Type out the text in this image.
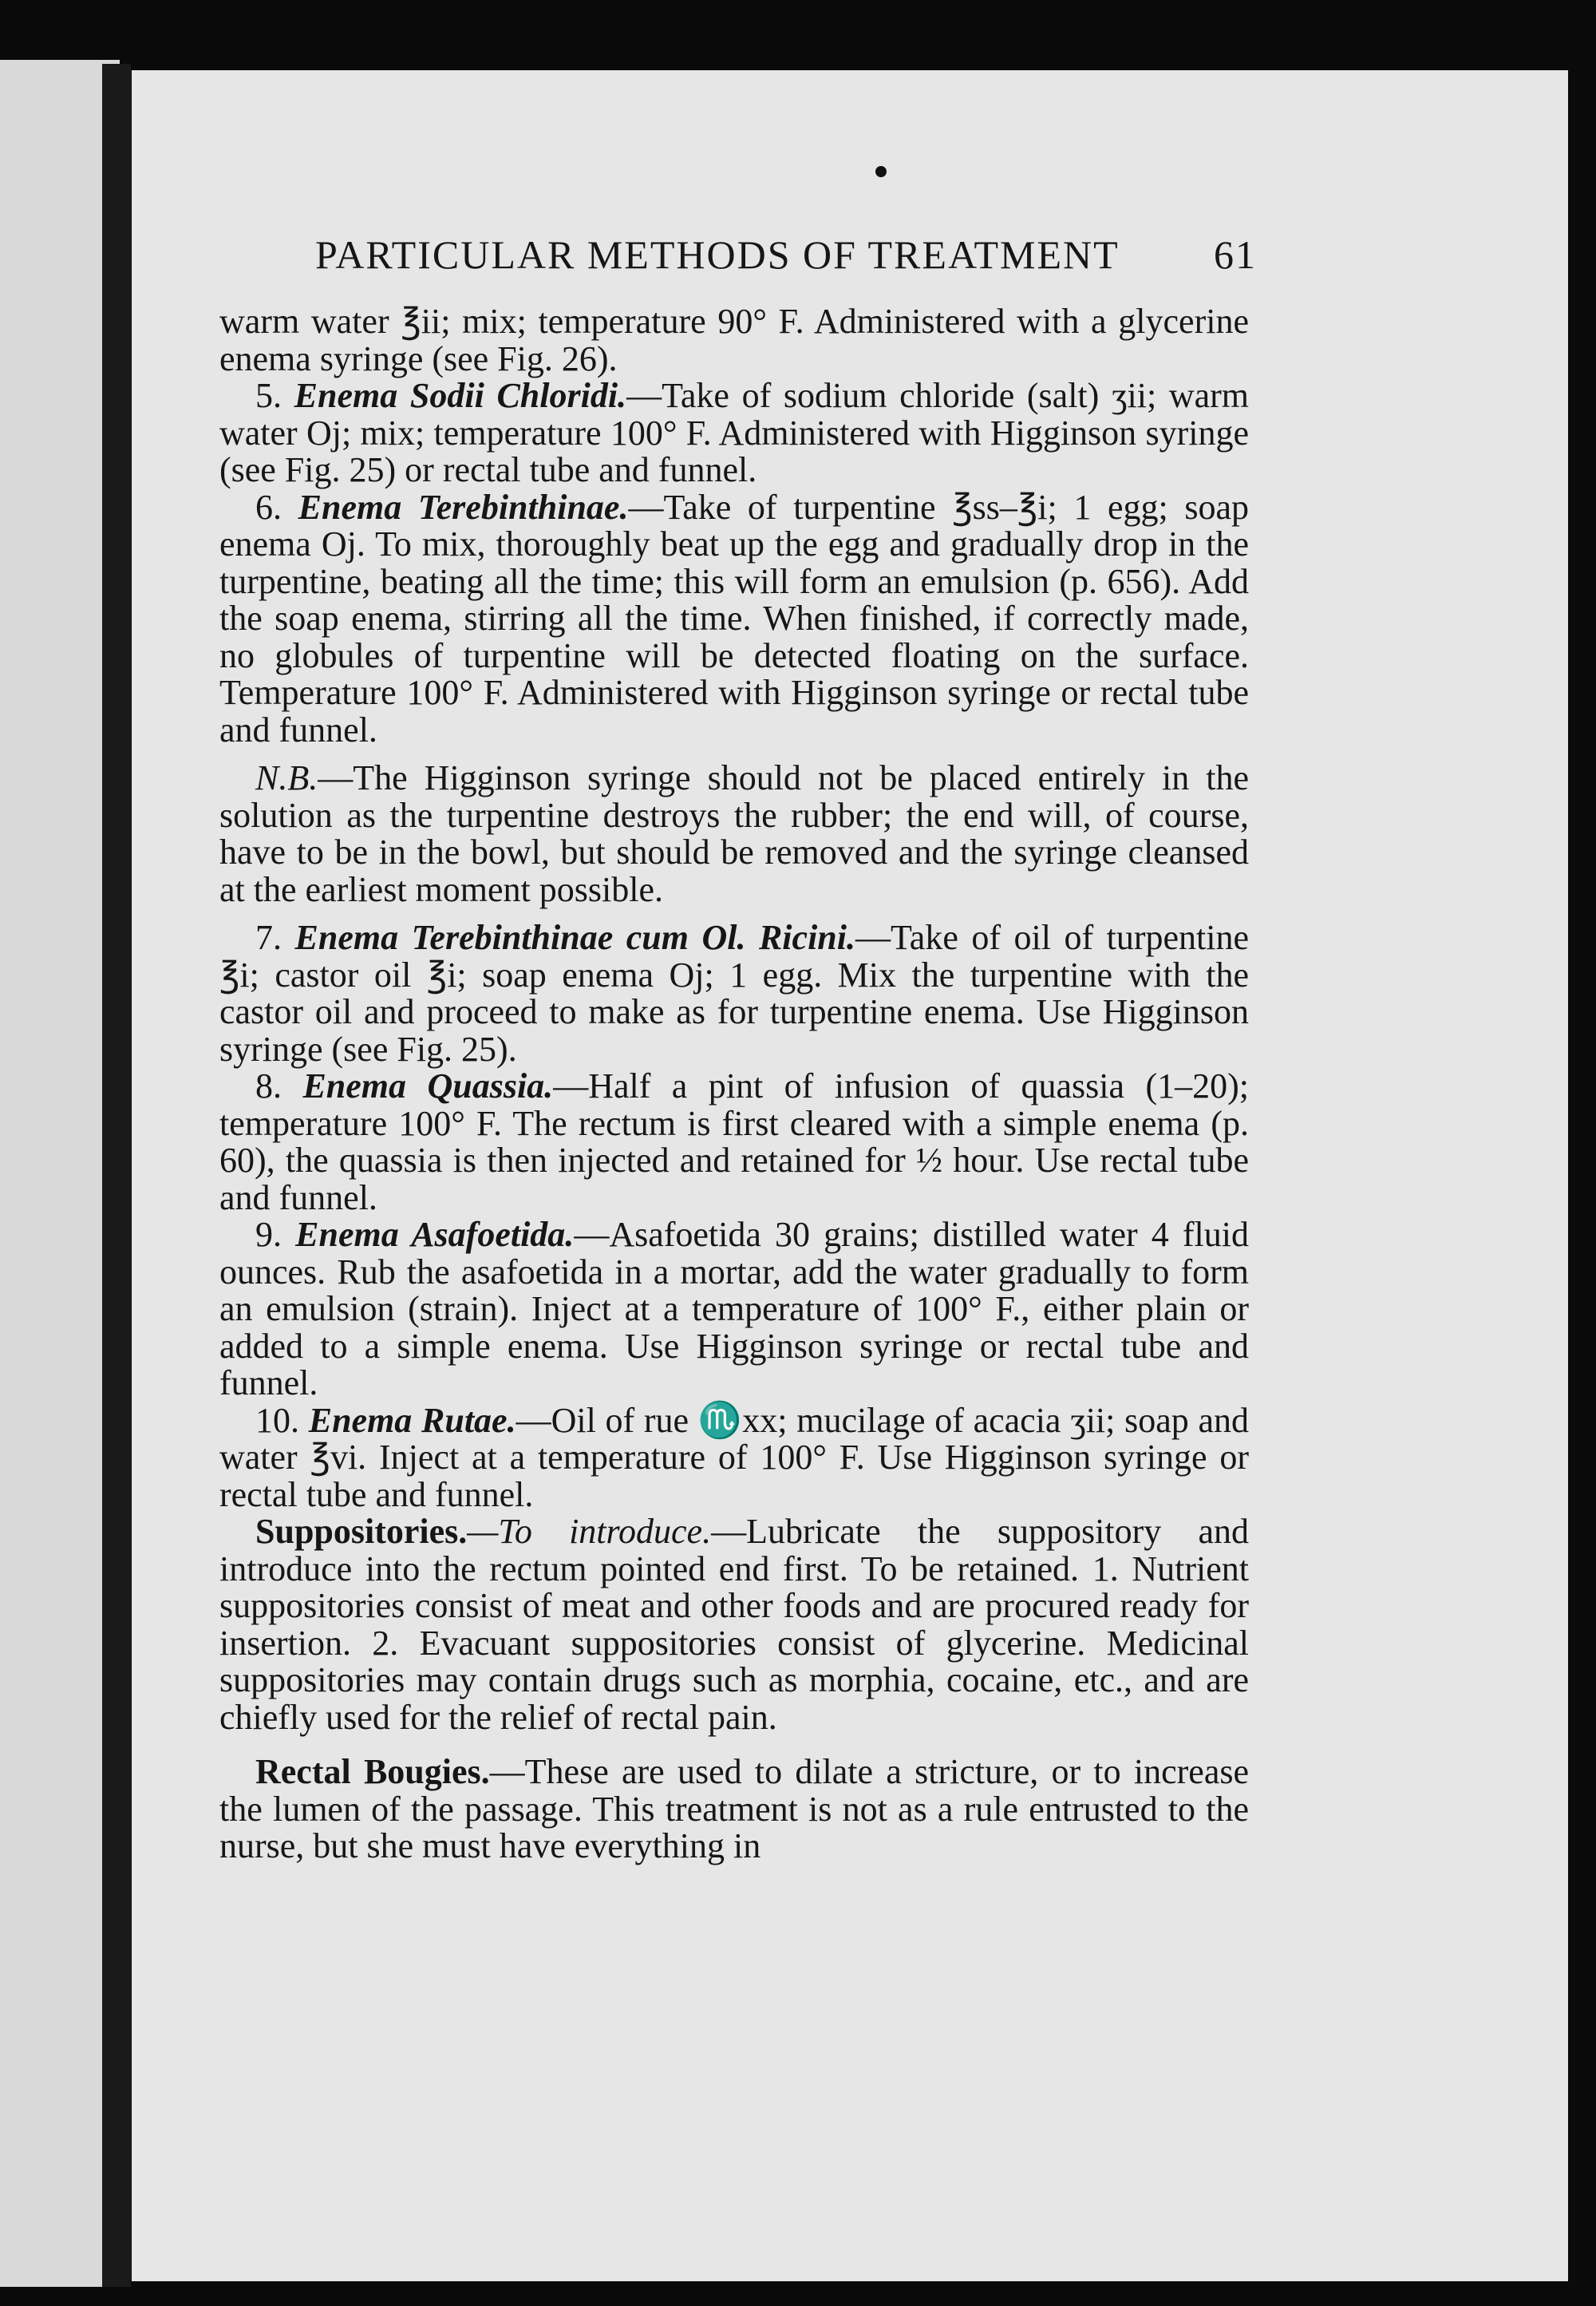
PARTICULAR METHODS OF TREATMENT 61

warm water ℥ii; mix; temperature 90° F. Administered with a glycerine enema syringe (see Fig. 26).

5. Enema Sodii Chloridi.—Take of sodium chloride (salt) ʒii; warm water Oj; mix; temperature 100° F. Administered with Higginson syringe (see Fig. 25) or rectal tube and funnel.

6. Enema Terebinthinae.—Take of turpentine ℥ss–℥i; 1 egg; soap enema Oj. To mix, thoroughly beat up the egg and gradually drop in the turpentine, beating all the time; this will form an emulsion (p. 656). Add the soap enema, stirring all the time. When finished, if correctly made, no globules of turpentine will be detected floating on the surface. Temperature 100° F. Administered with Higginson syringe or rectal tube and funnel.

N.B.—The Higginson syringe should not be placed entirely in the solution as the turpentine destroys the rubber; the end will, of course, have to be in the bowl, but should be removed and the syringe cleansed at the earliest moment possible.

7. Enema Terebinthinae cum Ol. Ricini.—Take of oil of turpentine ℥i; castor oil ℥i; soap enema Oj; 1 egg. Mix the turpentine with the castor oil and proceed to make as for turpentine enema. Use Higginson syringe (see Fig. 25).

8. Enema Quassia.—Half a pint of infusion of quassia (1–20); temperature 100° F. The rectum is first cleared with a simple enema (p. 60), the quassia is then injected and retained for ½ hour. Use rectal tube and funnel.

9. Enema Asafoetida.—Asafoetida 30 grains; distilled water 4 fluid ounces. Rub the asafoetida in a mortar, add the water gradually to form an emulsion (strain). Inject at a temperature of 100° F., either plain or added to a simple enema. Use Higginson syringe or rectal tube and funnel.

10. Enema Rutae.—Oil of rue ♏xx; mucilage of acacia ʒii; soap and water ℥vi. Inject at a temperature of 100° F. Use Higginson syringe or rectal tube and funnel.

Suppositories.—To introduce.—Lubricate the suppository and introduce into the rectum pointed end first. To be retained. 1. Nutrient suppositories consist of meat and other foods and are procured ready for insertion. 2. Evacuant suppositories consist of glycerine. Medicinal suppositories may contain drugs such as morphia, cocaine, etc., and are chiefly used for the relief of rectal pain.

Rectal Bougies.—These are used to dilate a stricture, or to increase the lumen of the passage. This treatment is not as a rule entrusted to the nurse, but she must have everything in
